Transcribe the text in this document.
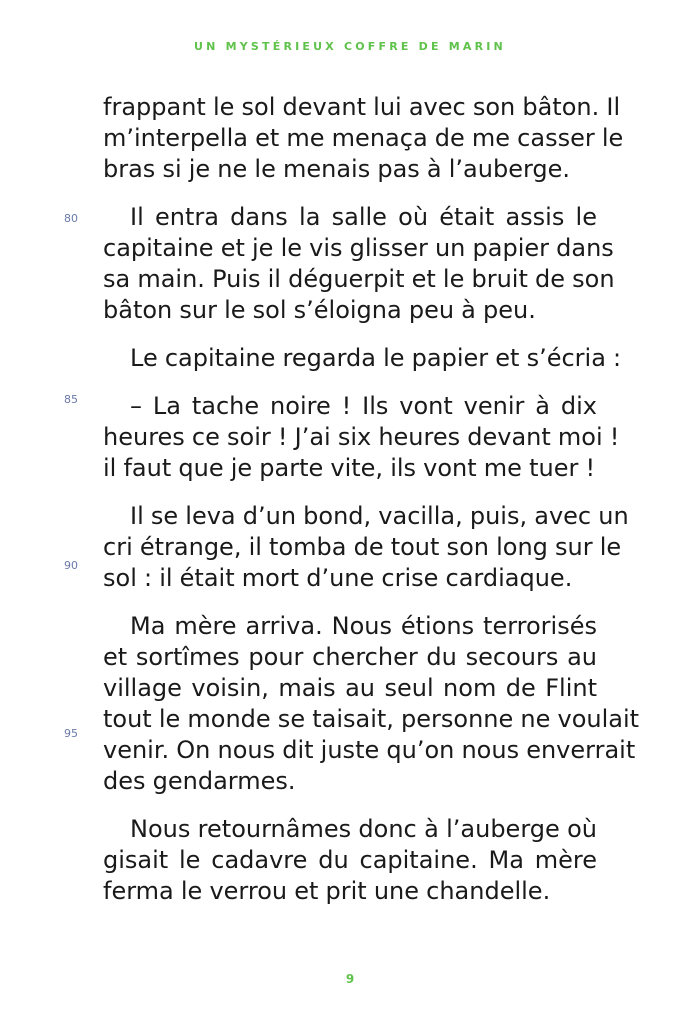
UN MYSTÉRIEUX COFFRE DE MARIN
80
85
90
95

frappant le sol devant lui avec son bâton. Il
m’interpella et me menaça de me casser le
bras si je ne le menais pas à l’auberge.

Il entra dans la salle où était assis le
capitaine et je le vis glisser un papier dans
sa main. Puis il déguerpit et le bruit de son
bâton sur le sol s’éloigna peu à peu.

Le capitaine regarda le papier et s’écria :

– La tache noire ! Ils vont venir à dix
heures ce soir ! J’ai six heures devant moi !
il faut que je parte vite, ils vont me tuer !

Il se leva d’un bond, vacilla, puis, avec un
cri étrange, il tomba de tout son long sur le
sol : il était mort d’une crise cardiaque.

Ma mère arriva. Nous étions terrorisés
et sortîmes pour chercher du secours au
village voisin, mais au seul nom de Flint
tout le monde se taisait, personne ne voulait
venir. On nous dit juste qu’on nous enverrait
des gendarmes.

Nous retournâmes donc à l’auberge où
gisait le cadavre du capitaine. Ma mère
ferma le verrou et prit une chandelle.

9
